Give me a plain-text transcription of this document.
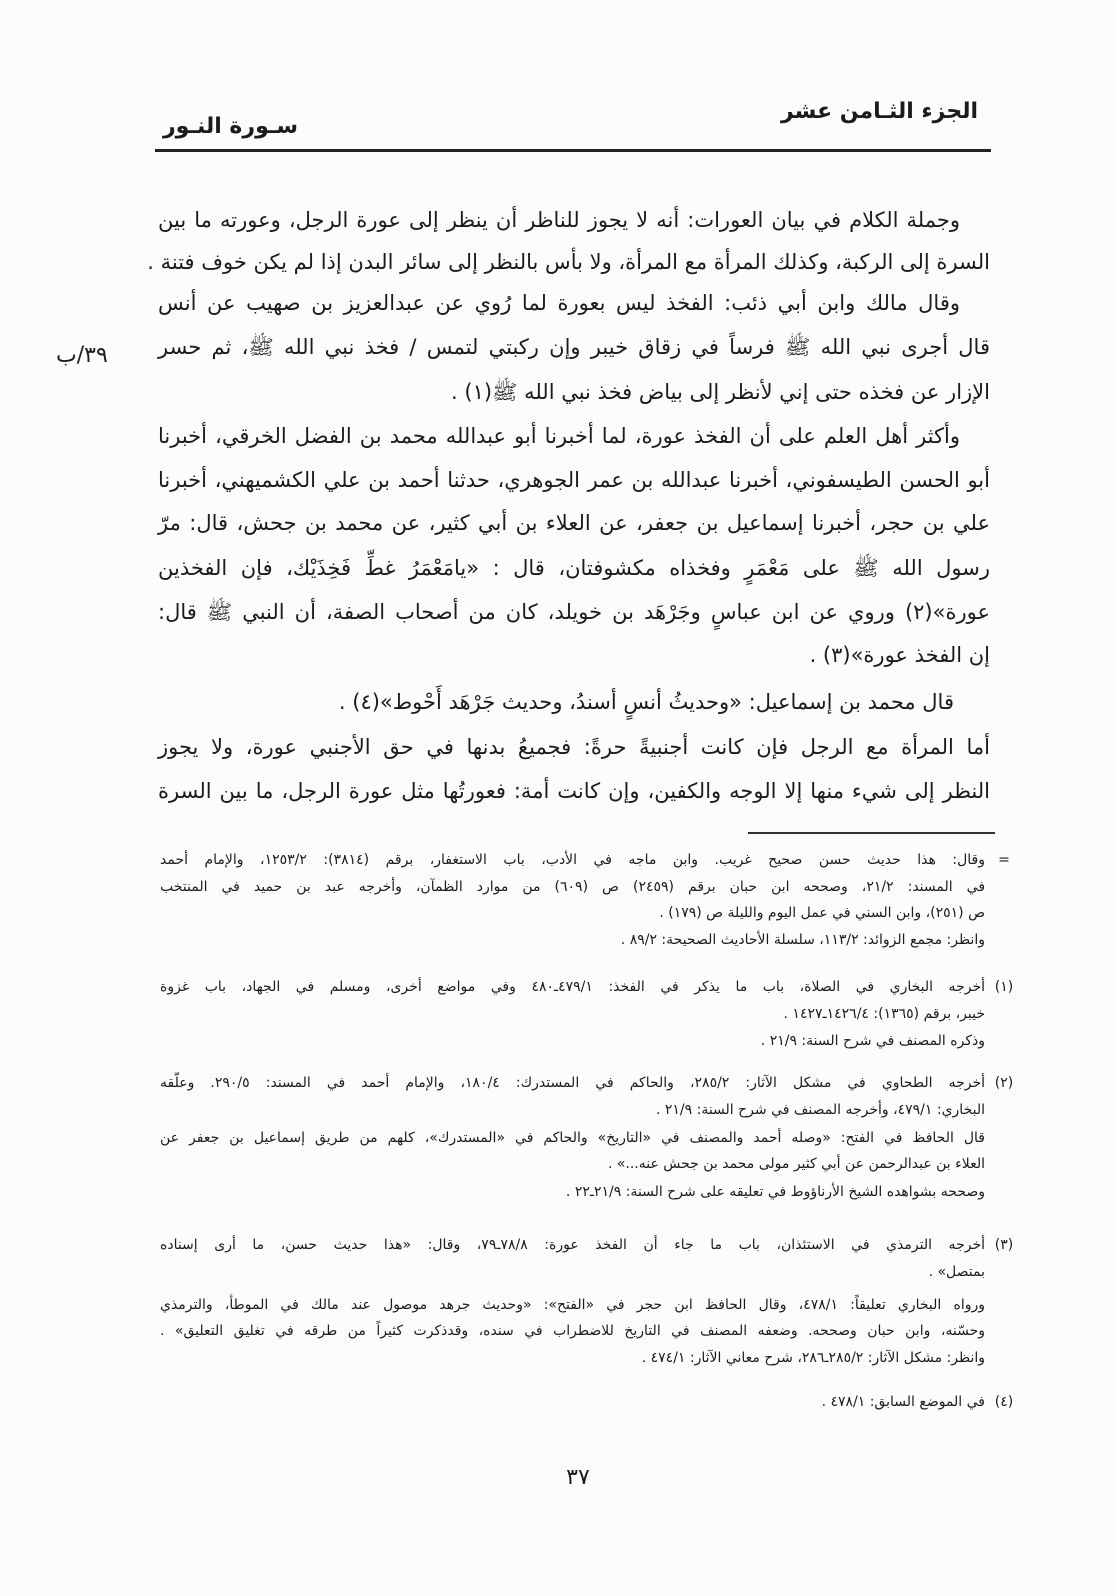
الجزء الثـامن عشر
سـورة النـور
٣٩/ب
وجملة الكلام في بيان العورات: أنه لا يجوز للناظر أن ينظر إلى عورة الرجل، وعورته ما بين
السرة إلى الركبة، وكذلك المرأة مع المرأة، ولا بأس بالنظر إلى سائر البدن إذا لم يكن خوف فتنة .
وقال مالك وابن أبي ذئب: الفخذ ليس بعورة لما رُوي عن عبدالعزيز بن صهيب عن أنس
قال أجرى نبي الله ﷺ فرساً في زقاق خيبر وإن ركبتي لتمس / فخذ نبي الله ﷺ، ثم حسر
الإزار عن فخذه حتى إني لأنظر إلى بياض فخذ نبي الله ﷺ(١) .
وأكثر أهل العلم على أن الفخذ عورة، لما أخبرنا أبو عبدالله محمد بن الفضل الخرقي، أخبرنا
أبو الحسن الطيسفوني، أخبرنا عبدالله بن عمر الجوهري، حدثنا أحمد بن علي الكشميهني، أخبرنا
علي بن حجر، أخبرنا إسماعيل بن جعفر، عن العلاء بن أبي كثير، عن محمد بن جحش، قال: مرّ
رسول الله ﷺ على مَعْمَرٍ وفخذاه مكشوفتان، قال : «يامَعْمَرُ غطِّ فَخِذَيْك، فإن الفخذين
عورة»(٢) وروي عن ابن عباسٍ وجَرْهَد بن خويلد، كان من أصحاب الصفة، أن النبي ﷺ قال:
إن الفخذ عورة»(٣) .
قال محمد بن إسماعيل: «وحديثُ أنسٍ أسندُ، وحديث جَرْهَد أَحْوط»(٤) .
أما المرأة مع الرجل فإن كانت أجنبيةً حرةً: فجميعُ بدنها في حق الأجنبي عورة، ولا يجوز
النظر إلى شيء منها إلا الوجه والكفين، وإن كانت أمة: فعورتُها مثل عورة الرجل، ما بين السرة
=
وقال: هذا حديث حسن صحيح غريب. وابن ماجه في الأدب، باب الاستغفار، برقم (٣٨١٤): ١٢٥٣/٢، والإمام أحمد
في المسند: ٢١/٢، وصححه ابن حبان برقم (٢٤٥٩) ص (٦٠٩) من موارد الظمآن، وأخرجه عبد بن حميد في المنتخب
ص (٢٥١)، وابن السني في عمل اليوم والليلة ص (١٧٩) .
وانظر: مجمع الزوائد: ١١٣/٢، سلسلة الأحاديث الصحيحة: ٨٩/٢ .
(١)
أخرجه البخاري في الصلاة، باب ما يذكر في الفخذ: ٤٧٩/١ـ٤٨٠ وفي مواضع أخرى، ومسلم في الجهاد، باب غزوة
خيبر، برقم (١٣٦٥): ١٤٢٦/٤ـ١٤٢٧ .
وذكره المصنف في شرح السنة: ٢١/٩ .
(٢)
أخرجه الطحاوي في مشكل الآثار: ٢٨٥/٢، والحاكم في المستدرك: ١٨٠/٤، والإمام أحمد في المسند: ٢٩٠/٥. وعلّقه
البخاري: ٤٧٩/١، وأخرجه المصنف في شرح السنة: ٢١/٩ .
قال الحافظ في الفتح: «وصله أحمد والمصنف في «التاريخ» والحاكم في «المستدرك»، كلهم من طريق إسماعيل بن جعفر عن
العلاء بن عبدالرحمن عن أبي كثير مولى محمد بن جحش عنه...» .
وصححه بشواهده الشيخ الأرناؤوط في تعليقه على شرح السنة: ٢١/٩ـ٢٢ .
(٣)
أخرجه الترمذي في الاستئذان، باب ما جاء أن الفخذ عورة: ٧٨/٨ـ٧٩، وقال: «هذا حديث حسن، ما أرى إسناده
بمتصل» .
ورواه البخاري تعليقاً: ٤٧٨/١، وقال الحافظ ابن حجر في «الفتح»: «وحديث جرهد موصول عند مالك في الموطأ، والترمذي
وحسّنه، وابن حبان وصححه. وضعفه المصنف في التاريخ للاضطراب في سنده، وقدذكرت كثيراً من طرقه في تغليق التعليق» .
وانظر: مشكل الآثار: ٢٨٥/٢ـ٢٨٦، شرح معاني الآثار: ٤٧٤/١ .
(٤)
في الموضع السابق: ٤٧٨/١ .
٣٧
